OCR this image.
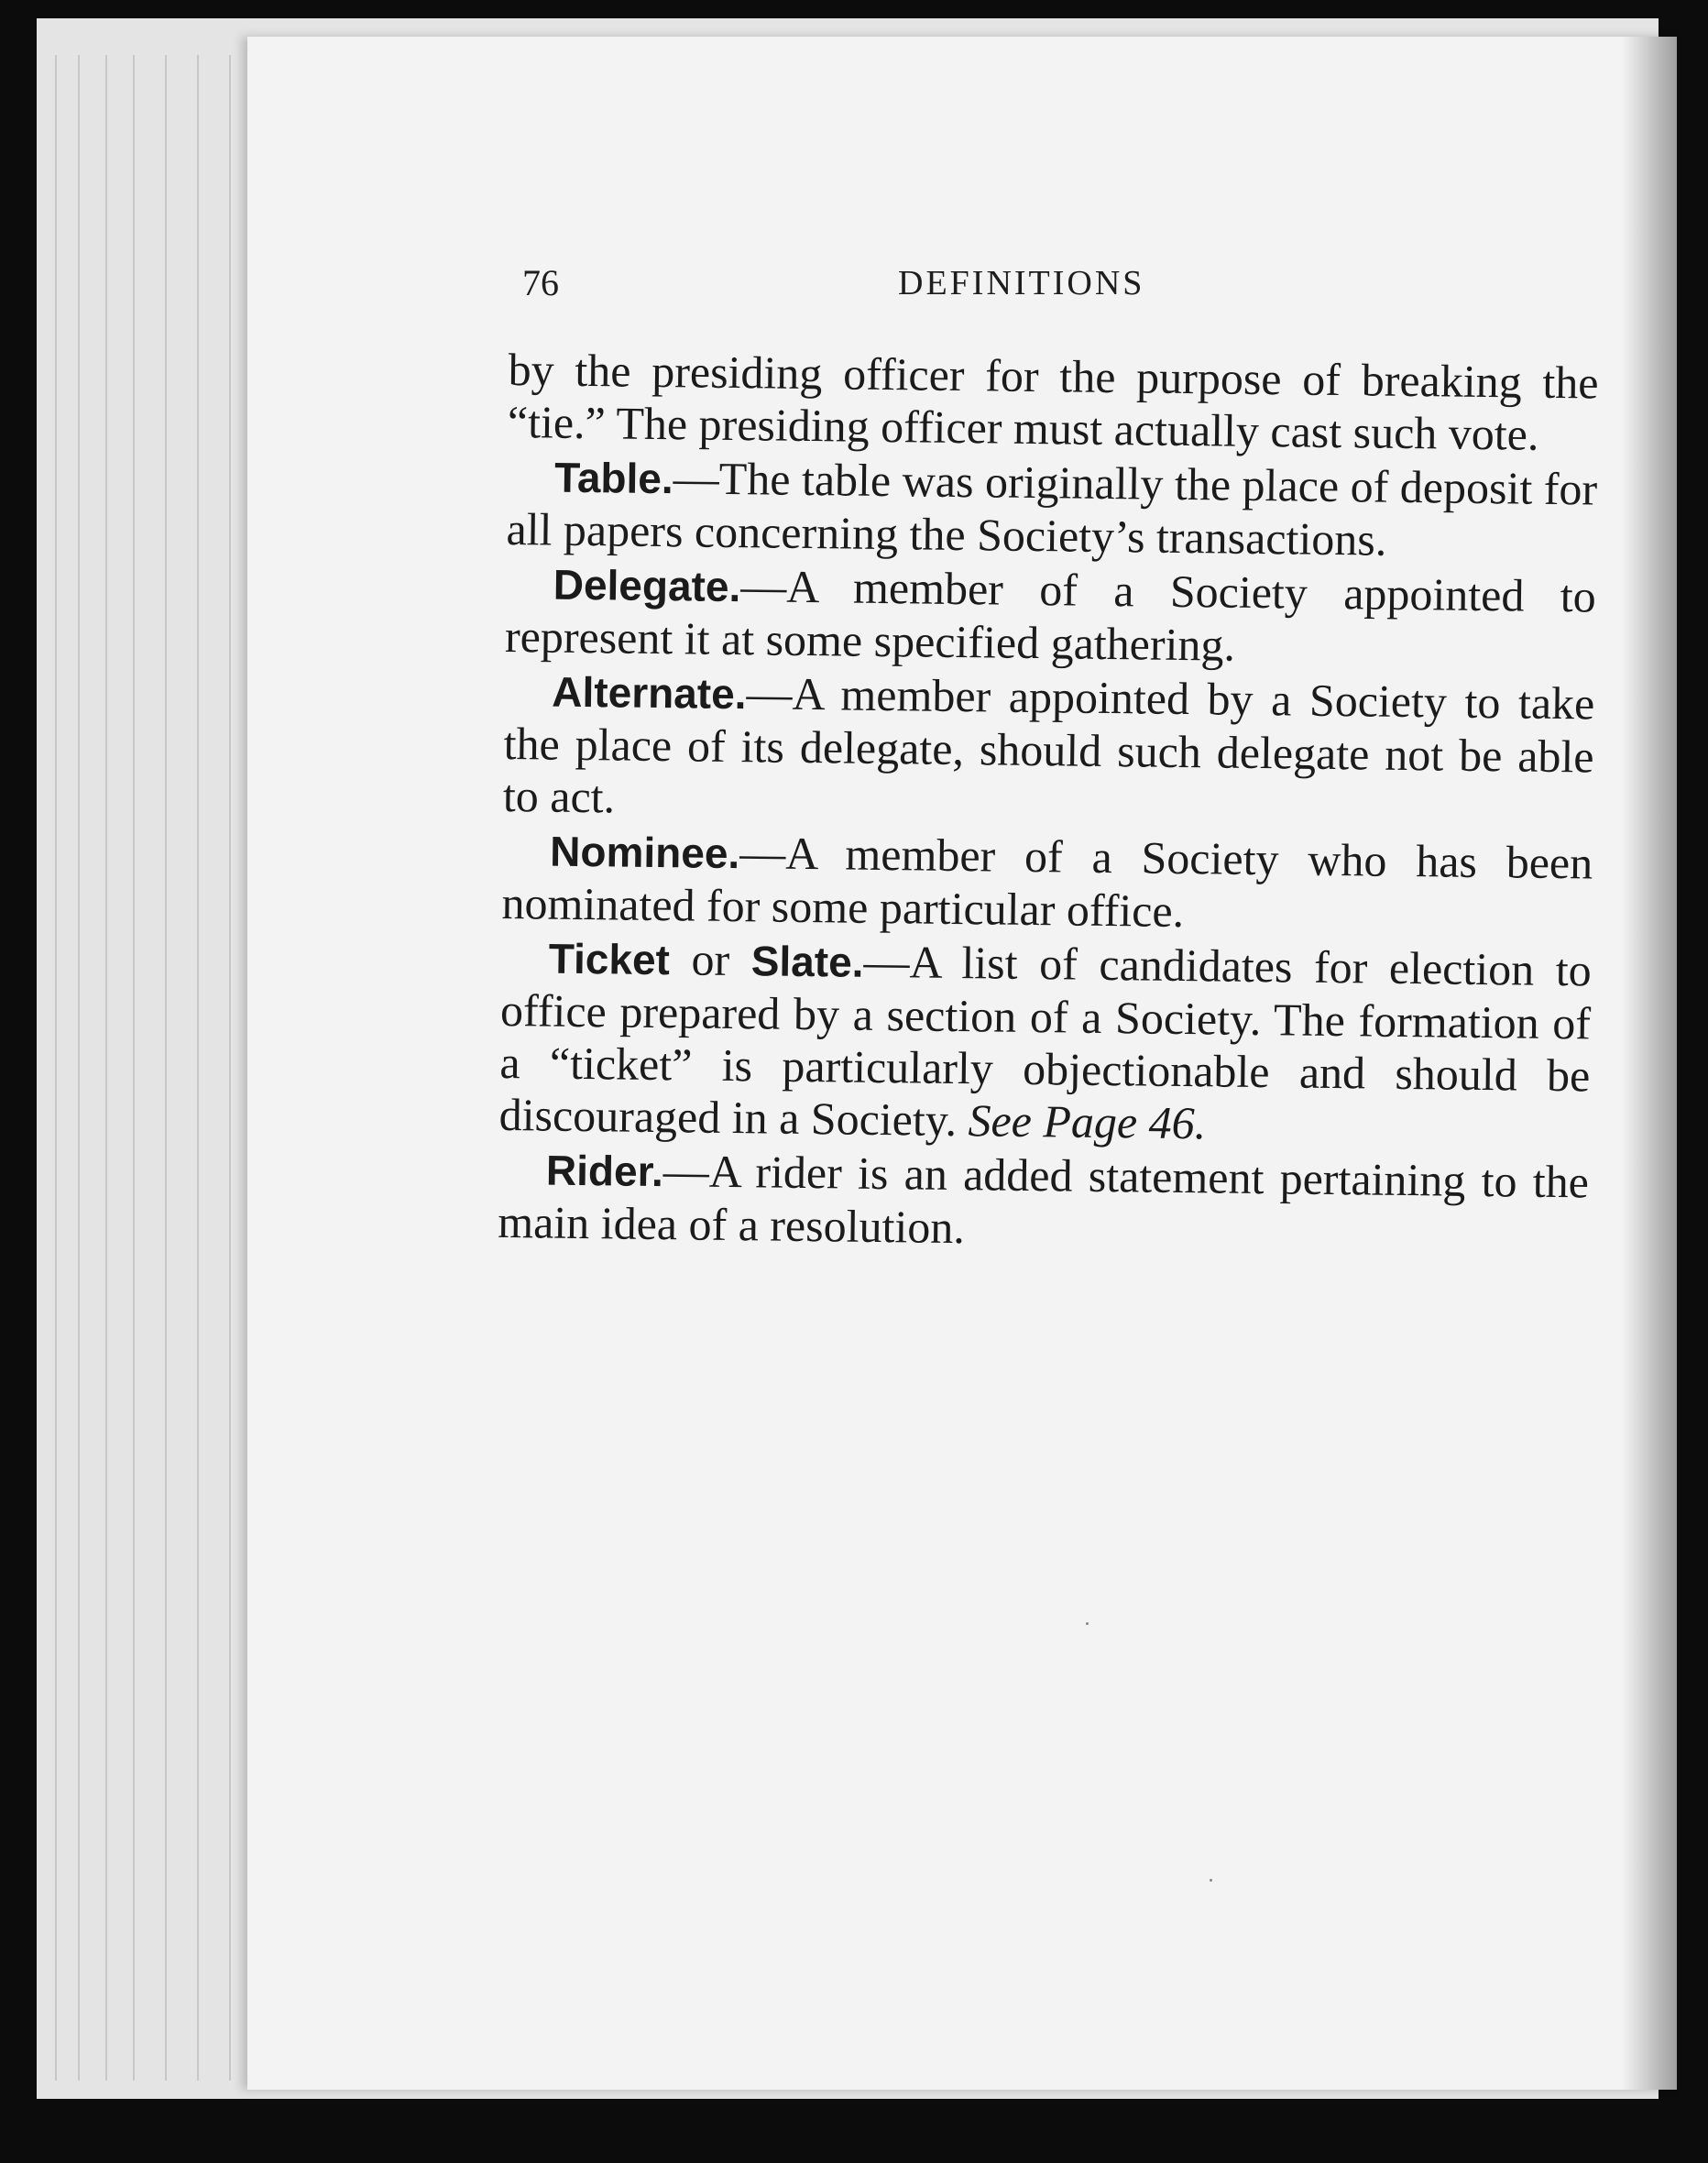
76	DEFINITIONS

by the presiding officer for the purpose of breaking the “tie.” The presiding officer must actually cast such vote.

Table.—The table was originally the place of deposit for all papers concerning the Society’s transactions.

Delegate.—A member of a Society appointed to represent it at some specified gathering.

Alternate.—A member appointed by a Society to take the place of its delegate, should such delegate not be able to act.

Nominee.—A member of a Society who has been nominated for some particular office.

Ticket or Slate.—A list of candidates for election to office prepared by a section of a Society. The formation of a “ticket” is particularly objectionable and should be discouraged in a Society. See Page 46.

Rider.—A rider is an added statement pertaining to the main idea of a resolution.
